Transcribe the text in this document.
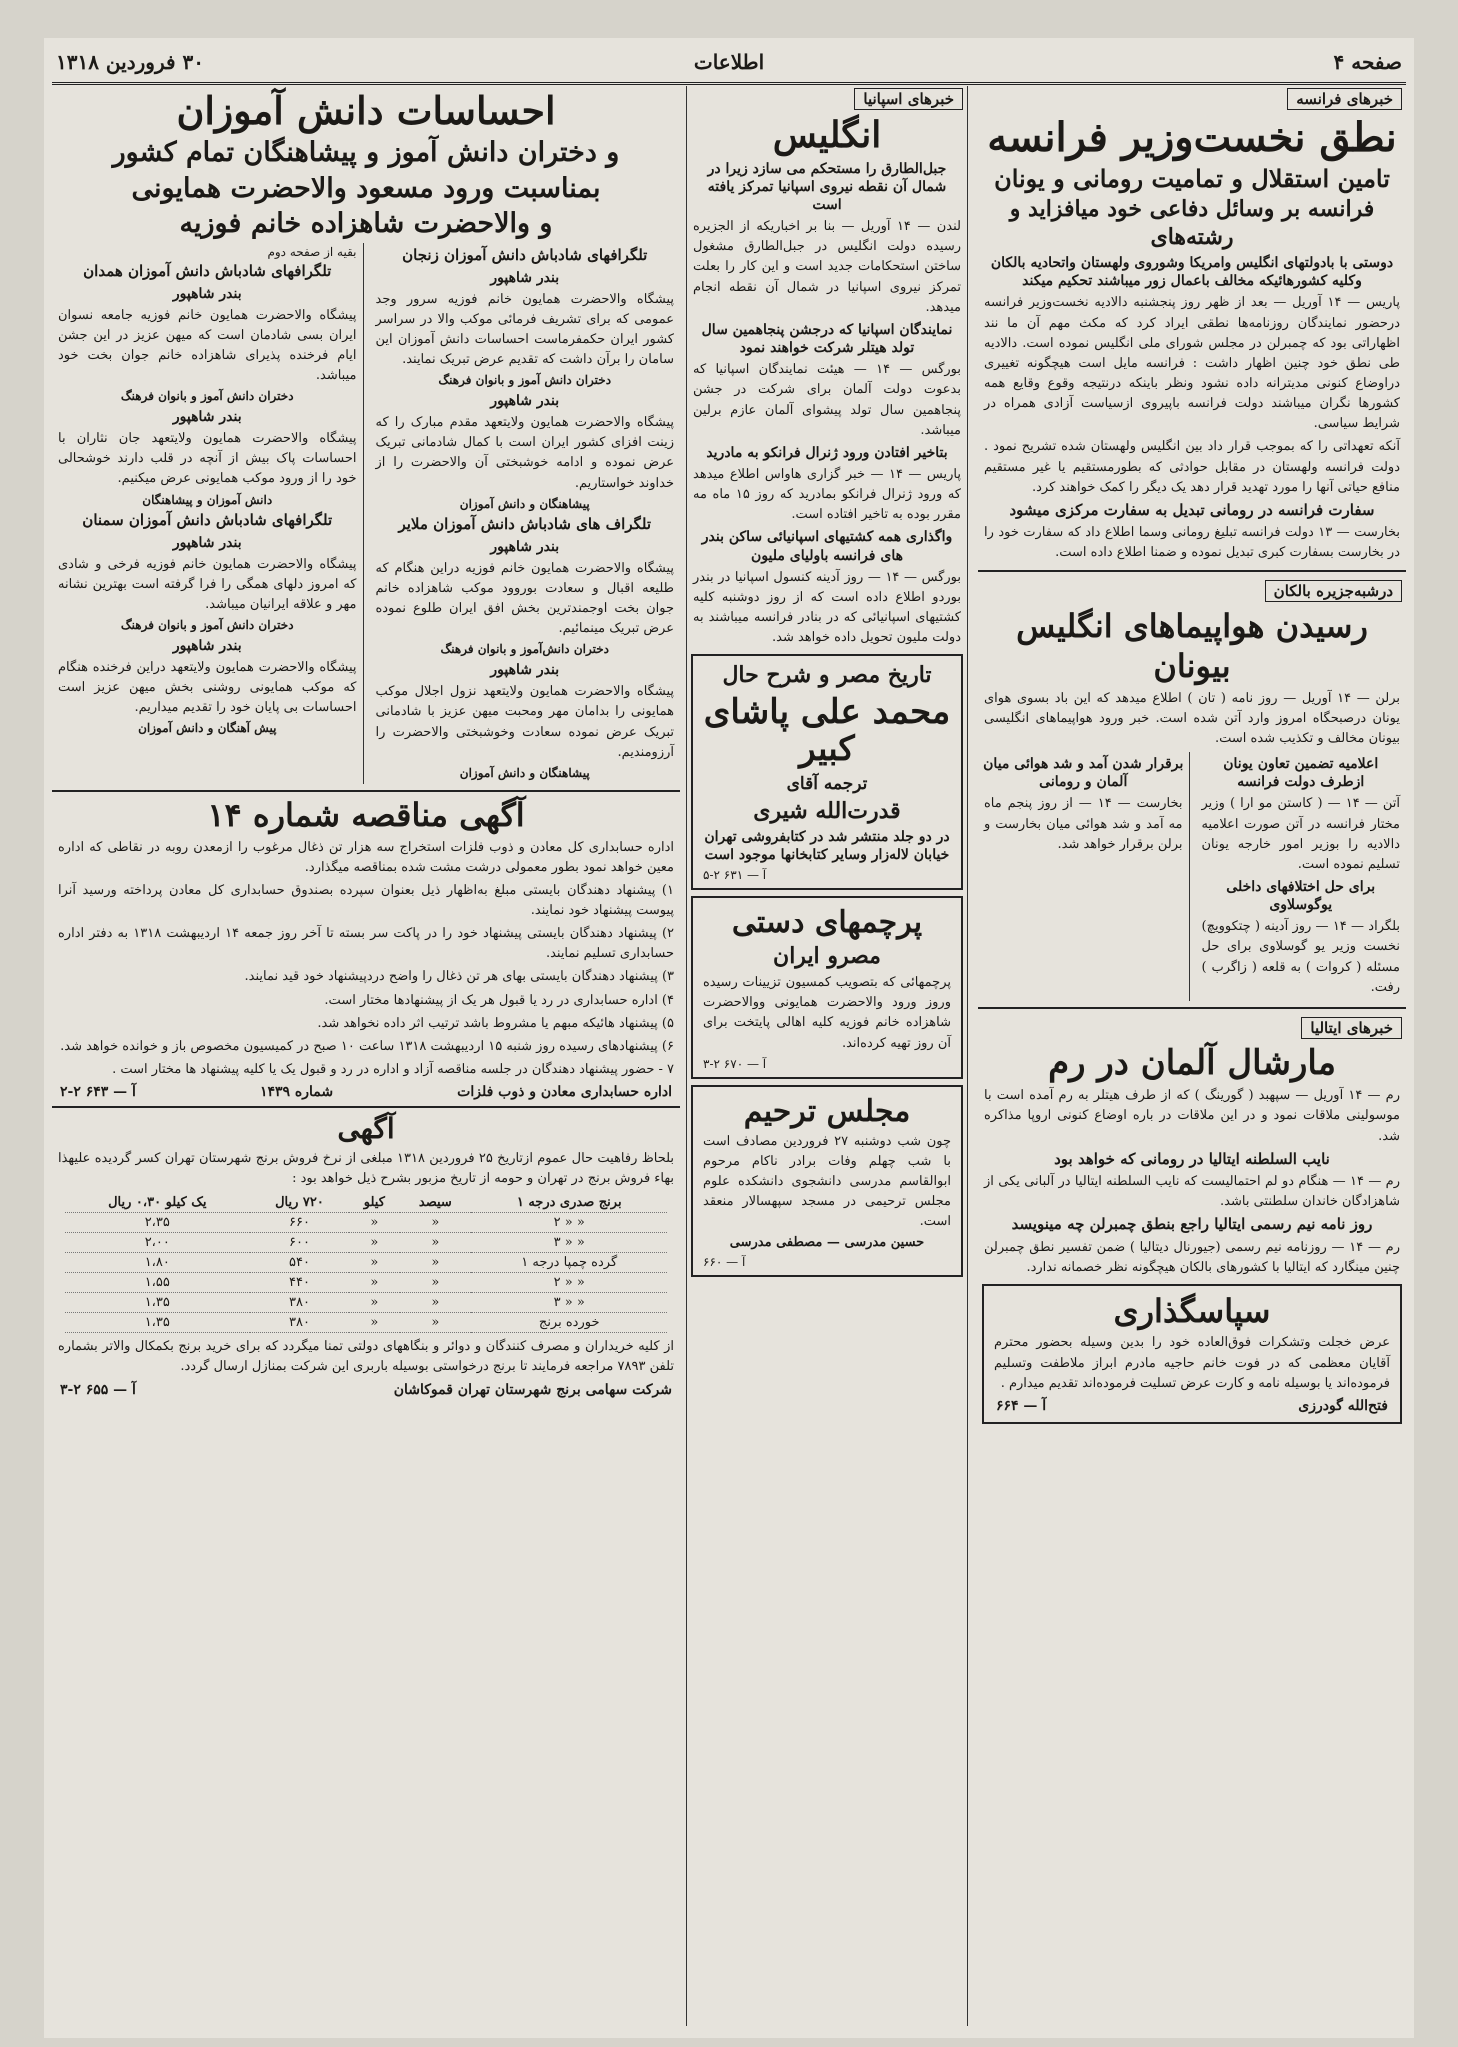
صفحه ۴
اطلاعات
۳۰ فروردین ۱۳۱۸
خبرهای فرانسه
نطق نخست‌وزیر فرانسه
تامین استقلال و تمامیت رومانی و یونان
فرانسه بر وسائل دفاعی خود میافزاید و رشته‌های
دوستی با بادولتهای انگلیس وامریکا وشوروی ولهستان واتحادیه بالکان وکلیه کشورهائیکه مخالف باعمال زور میباشند تحکیم میکند
پاریس — ۱۴ آوریل — بعد از ظهر روز پنجشنبه دالادیه نخست‌وزیر فرانسه درحضور نمایندگان روزنامه‌ها نطقی ایراد کرد که مکث مهم آن ما نند اظهاراتی بود که چمبرلن در مجلس شورای ملی انگلیس نموده است. دالادیه طی نطق خود چنین اظهار داشت : فرانسه مایل است هیچگونه تغییری دراوضاع کنونی مدیترانه داده نشود ونظر باینکه درنتیجه وقوع وقایع همه کشورها نگران میباشند دولت فرانسه باپیروی ازسیاست آزادی همراه در شرایط سیاسی.
آنکه تعهداتی را که بموجب قرار داد بین انگلیس ولهستان شده تشریح نمود . دولت فرانسه ولهستان در مقابل حوادثی که بطورمستقیم یا غیر مستقیم منافع حیاتی آنها را مورد تهدید قرار دهد یک دیگر را کمک خواهند کرد.
سفارت فرانسه در رومانی تبدیل به سفارت مرکزی میشود
بخارست — ۱۳ دولت فرانسه تبلیغ رومانی وسما اطلاع داد که سفارت خود را در بخارست بسفارت کبری تبدیل نموده و ضمنا اطلاع داده است.
درشبه‌جزیره بالکان
رسیدن هواپیماهای انگلیس بیونان
برلن — ۱۴ آوریل — روز نامه ( تان ) اطلاع میدهد که این باد بسوی هوای یونان درصبحگاه امروز وارد آتن شده است. خبر ورود هواپیماهای انگلیسی بیونان مخالف و تکذیب شده است.
اعلامیه تضمین تعاون یونان ازطرف دولت فرانسه
آتن — ۱۴ — ( کاستن مو ارا ) وزیر مختار فرانسه در آتن صورت اعلامیه دالادیه را بوزیر امور خارجه یونان تسلیم نموده است.
برای حل اختلافهای داخلی یوگوسلاوی
بلگراد — ۱۴ — روز آدینه ( چتکوویچ) نخست وزیر یو گوسلاوی برای حل مسئله ( کروات ) به قلعه ( زاگرب ) رفت.
برقرار شدن آمد و شد هوائی میان آلمان و رومانی
بخارست — ۱۴ — از روز پنجم ماه مه آمد و شد هوائی میان بخارست و برلن برقرار خواهد شد.
خبرهای ایتالیا
مارشال آلمان در رم
رم — ۱۴ آوریل — سپهبد ( گورینگ ) که از طرف هیتلر به رم آمده است با موسولینی ملاقات نمود و در این ملاقات در باره اوضاع کنونی اروپا مذاکره شد.
نایب السلطنه ایتالیا در رومانی که خواهد بود
رم — ۱۴ — هنگام دو لم احتمالیست که نایب السلطنه ایتالیا در آلبانی یکی از شاهزادگان خاندان سلطنتی باشد.
روز نامه نیم رسمی ایتالیا راجع بنطق چمبرلن چه مینویسد
رم — ۱۴ — روزنامه نیم رسمی (جیورنال دیتالیا ) ضمن تفسیر نطق چمبرلن چنین مینگارد که ایتالیا با کشورهای بالکان هیچگونه نظر خصمانه ندارد.
سپاسگذاری
عرض خجلت وتشکرات فوق‌العاده خود را بدین وسیله بحضور محترم آقایان معظمی که در فوت خانم حاجیه مادرم ابراز ملاطفت وتسلیم فرموده‌اند یا بوسیله نامه و کارت عرض تسلیت فرموده‌اند تقدیم میدارم .
فتح‌الله گودرزی
آ — ۶۶۴
خبرهای اسپانیا
انگلیس
جبل‌الطارق را مستحکم می سازد زیرا در شمال آن نقطه نیروی اسپانیا تمرکز یافته است
لندن — ۱۴ آوریل — بنا بر اخباریکه از الجزیره رسیده دولت انگلیس در جبل‌الطارق مشغول ساختن استحکامات جدید است و این کار را بعلت تمرکز نیروی اسپانیا در شمال آن نقطه انجام میدهد.
نمایندگان اسپانیا که درجشن پنجاهمین سال تولد هیتلر شرکت خواهند نمود
بورگس — ۱۴ — هیئت نمایندگان اسپانیا که بدعوت دولت آلمان برای شرکت در جشن پنجاهمین سال تولد پیشوای آلمان عازم برلین میباشد.
بتاخیر افتادن ورود ژنرال فرانکو به مادرید
پاریس — ۱۴ — خبر گزاری هاواس اطلاع میدهد که ورود ژنرال فرانکو بمادرید که روز ۱۵ ماه مه مقرر بوده به تاخیر افتاده است.
واگذاری همه کشتیهای اسپانیائی ساکن بندر های فرانسه باولیای ملیون
بورگس — ۱۴ — روز آدینه کنسول اسپانیا در بندر بوردو اطلاع داده است که از روز دوشنبه کلیه کشتیهای اسپانیائی که در بنادر فرانسه میباشند به دولت ملیون تحویل داده خواهد شد.
تاریخ مصر و شرح حال
محمد علی پاشای کبیر
ترجمه آقای
قدرت‌الله شیری
در دو جلد منتشر شد در کتابفروشی تهران خیابان لاله‌زار وسایر کتابخانها موجود است
آ — ۶۳۱ ۲-۵
پرچمهای دستی
مصرو ایران
پرچمهائی که بتصویب کمسیون تزیینات رسیده وروز ورود والاحضرت همایونی ووالاحضرت شاهزاده خانم فوزیه کلیه اهالی پایتخت برای آن روز تهیه کرده‌اند.
آ — ۶۷۰ ۲-۳
مجلس ترحیم
چون شب دوشنبه ۲۷ فروردین مصادف است با شب چهلم وفات برادر ناکام مرحوم ابوالقاسم مدرسی دانشجوی دانشکده علوم مجلس ترحیمی در مسجد سپهسالار منعقد است.
حسین مدرسی — مصطفی مدرسی
آ — ۶۶۰
احساسات دانش آموزان
و دختران دانش آموز و پیشاهنگان تمام کشور
بمناسبت ورود مسعود والاحضرت همایونی
و والاحضرت شاهزاده خانم فوزیه
تلگرافهای شادباش دانش آموزان زنجان
بندر شاهپور
پیشگاه والاحضرت همایون خانم فوزیه سرور وجد عمومی که برای تشریف فرمائی موکب والا در سراسر کشور ایران حکمفرماست احساسات دانش آموزان این سامان را برآن داشت که تقدیم عرض تبریک نمایند.
دختران دانش آموز و بانوان فرهنگ
بندر شاهپور
پیشگاه والاحضرت همایون ولایتعهد مقدم مبارک را که زینت افزای کشور ایران است با کمال شادمانی تبریک عرض نموده و ادامه خوشبختی آن والاحضرت را از خداوند خواستاریم.
پیشاهنگان و دانش آموزان
تلگراف های شادباش دانش آموزان ملایر
بندر شاهپور
پیشگاه والاحضرت همایون خانم فوزیه دراین هنگام که طلیعه اقبال و سعادت بوروود موکب شاهزاده خانم جوان بخت اوجمندترین بخش افق ایران طلوع نموده عرض تبریک مینمائیم.
دختران دانش‌آموز و بانوان فرهنگ
بندر شاهپور
پیشگاه والاحضرت همایون ولایتعهد نزول اجلال موکب همایونی را بدامان مهر ومحبت میهن عزیز با شادمانی تبریک عرض نموده سعادت وخوشبختی والاحضرت را آرزومندیم.
پیشاهنگان و دانش آموزان
بقیه از صفحه دوم
تلگرافهای شادباش دانش آموزان همدان
بندر شاهپور
پیشگاه والاحضرت همایون خانم فوزیه جامعه نسوان ایران بسی شادمان است که میهن عزیز در این جشن ایام فرخنده پذیرای شاهزاده خانم جوان بخت خود میباشد.
دختران دانش آموز و بانوان فرهنگ
بندر شاهپور
پیشگاه والاحضرت همایون ولایتعهد جان نثاران با احساسات پاک بیش از آنچه در قلب دارند خوشحالی خود را از ورود موکب همایونی عرض میکنیم.
دانش آموزان و پیشاهنگان
تلگرافهای شادباش دانش آموزان سمنان
بندر شاهپور
پیشگاه والاحضرت همایون خانم فوزیه فرخی و شادی که امروز دلهای همگی را فرا گرفته است بهترین نشانه مهر و علاقه ایرانیان میباشد.
دختران دانش آموز و بانوان فرهنگ
بندر شاهپور
پیشگاه والاحضرت همایون ولایتعهد دراین فرخنده هنگام که موکب همایونی روشنی بخش میهن عزیز است احساسات بی پایان خود را تقدیم میداریم.
پیش آهنگان و دانش آموزان
آگهی مناقصه شماره ۱۴
اداره حسابداری کل معادن و ذوب فلزات استخراج سه هزار تن ذغال مرغوب را ازمعدن روبه در نقاطی که اداره معین خواهد نمود بطور معمولی درشت مشت شده بمناقصه میگذارد.
۱) پیشنهاد دهندگان بایستی مبلغ به‌اظهار ذیل بعنوان سپرده بصندوق حسابداری کل معادن پرداخته ورسید آنرا پیوست پیشنهاد خود نمایند.
۲) پیشنهاد دهندگان بایستی پیشنهاد خود را در پاکت سر بسته تا آخر روز جمعه ۱۴ اردیبهشت ۱۳۱۸ به دفتر اداره حسابداری تسلیم نمایند.
۳) پیشنهاد دهندگان بایستی بهای هر تن ذغال را واضح دردپیشنهاد خود قید نمایند.
۴) اداره حسابداری در رد یا قبول هر یک از پیشنهادها مختار است.
۵) پیشنهاد هائیکه مبهم یا مشروط باشد ترتیب اثر داده نخواهد شد.
۶) پیشنهادهای رسیده روز شنبه ۱۵ اردیبهشت ۱۳۱۸ ساعت ۱۰ صبح در کمیسیون مخصوص باز و خوانده خواهد شد.
۷ - حضور پیشنهاد دهندگان در جلسه مناقصه آزاد و اداره در رد و قبول یک یا کلیه پیشنهاد ها مختار است .
اداره حسابداری معادن و ذوب فلزات
شماره ۱۴۳۹
آ — ۶۴۳ ۲-۲
آگهی
بلحاظ رفاهیت حال عموم ازتاریخ ۲۵ فروردین ۱۳۱۸ مبلغی از نرخ فروش برنج شهرستان تهران کسر گردیده علیهذا بهاء فروش برنج در تهران و حومه از تاریخ مزبور بشرح ذیل خواهد بود :
برنج صدری درجه ۱	سیصد	کیلو	۷۲۰ ریال	یک کیلو ۰،۳۰ ریال
« « ۲	«	«	۶۶۰	۲،۳۵
« « ۳	«	«	۶۰۰	۲،۰۰
گرده چمپا درجه ۱	«	«	۵۴۰	۱،۸۰
« « ۲	«	«	۴۴۰	۱،۵۵
« « ۳	«	«	۳۸۰	۱،۳۵
خورده برنج	«	«	۳۸۰	۱،۳۵
از کلیه خریداران و مصرف کنندگان و دوائر و بنگاههای دولتی تمنا میگردد که برای خرید برنج بکمکال والاتر بشماره تلفن ۷۸۹۳ مراجعه فرمایند تا برنج درخواستی بوسیله باربری این شرکت بمنازل ارسال گردد.
شرکت سهامی برنج شهرستان تهران قموکاشان
آ — ۶۵۵ ۲-۳
